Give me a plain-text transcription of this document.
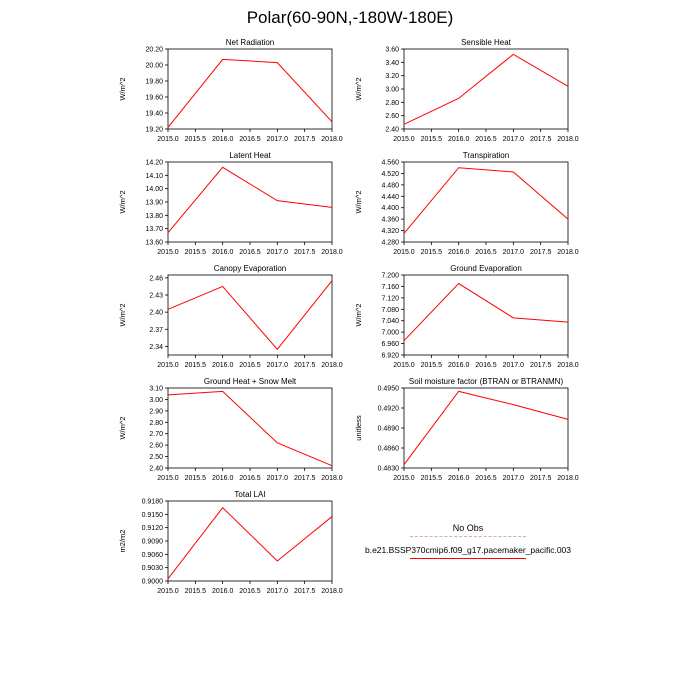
Polar(60-90N,-180W-180E)
Net Radiation
2015.0 2015.5 2016.0 2016.5 2017.0 2017.5 2018.0
19.20
19.40
19.60
19.80
20.00
20.20
W/m^2
Sensible Heat
2015.0 2015.5 2016.0 2016.5 2017.0 2017.5 2018.0
2.40
2.60
2.80
3.00
3.20
3.40
3.60
W/m^2
Latent Heat
2015.0 2015.5 2016.0 2016.5 2017.0 2017.5 2018.0
13.60
13.70
13.80
13.90
14.00
14.10
14.20
W/m^2
Transpiration
2015.0 2015.5 2016.0 2016.5 2017.0 2017.5 2018.0
4.280
4.320
4.360
4.400
4.440
4.480
4.520
4.560
W/m^2
Canopy Evaporation
2015.0 2015.5 2016.0 2016.5 2017.0 2017.5 2018.0
2.34
2.37
2.40
2.43
2.46
W/m^2
Ground Evaporation
2015.0 2015.5 2016.0 2016.5 2017.0 2017.5 2018.0
6.920
6.960
7.000
7.040
7.080
7.120
7.160
7.200
W/m^2
Ground Heat + Snow Melt
2015.0 2015.5 2016.0 2016.5 2017.0 2017.5 2018.0
2.40
2.50
2.60
2.70
2.80
2.90
3.00
3.10
W/m^2
Soil moisture factor (BTRAN or BTRANMN)
2015.0 2015.5 2016.0 2016.5 2017.0 2017.5 2018.0
0.4830
0.4860
0.4890
0.4920
0.4950
unitless
Total LAI
2015.0 2015.5 2016.0 2016.5 2017.0 2017.5 2018.0
0.9000
0.9030
0.9060
0.9090
0.9120
0.9150
0.9180
m2/m2
No Obs
b.e21.BSSP370cmip6.f09_g17.pacemaker_pacific.003
